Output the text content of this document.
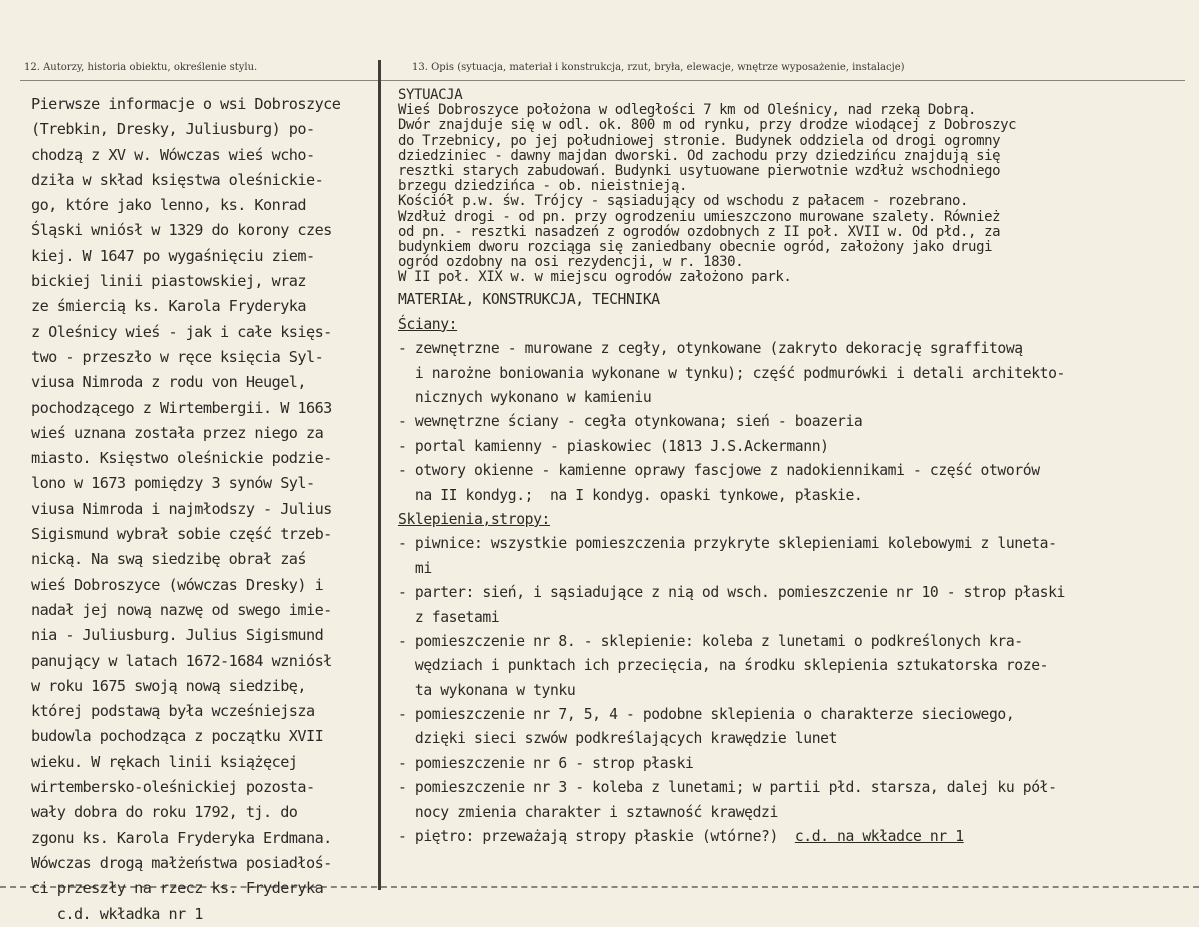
12. Autorzy, historia obiektu, określenie stylu.	13. Opis (sytuacja, materiał i konstrukcja, rzut, bryła, elewacje, wnętrze wyposażenie, instalacje)
Pierwsze informacje o wsi Dobroszyce
(Trebkin, Dresky, Juliusburg) po-
chodzą z XV w. Wówczas wieś wcho-
dziła w skład księstwa oleśnickie-
go, które jako lenno, ks. Konrad
Śląski wniósł w 1329 do korony czes
kiej. W 1647 po wygaśnięciu ziem-
bickiej linii piastowskiej, wraz
ze śmiercią ks. Karola Fryderyka
z Oleśnicy wieś - jak i całe księs-
two - przeszło w ręce księcia Syl-
viusa Nimroda z rodu von Heugel,
pochodzącego z Wirtembergii. W 1663
wieś uznana została przez niego za
miasto. Księstwo oleśnickie podzie-
lono w 1673 pomiędzy 3 synów Syl-
viusa Nimroda i najmłodszy - Julius
Sigismund wybrał sobie część trzeb-
nicką. Na swą siedzibę obrał zaś
wieś Dobroszyce (wówczas Dresky) i
nadał jej nową nazwę od swego imie-
nia - Juliusburg. Julius Sigismund
panujący w latach 1672-1684 wzniósł
w roku 1675 swoją nową siedzibę,
której podstawą była wcześniejsza
budowla pochodząca z początku XVII
wieku. W rękach linii książęcej
wirtembersko-oleśnickiej pozosta-
wały dobra do roku 1792, tj. do
zgonu ks. Karola Fryderyka Erdmana.
Wówczas drogą małżeństwa posiadłoś-
ci przeszły na rzecz ks. Fryderyka
c.d. wkładka nr 1
SYTUACJA
Wieś Dobroszyce położona w odległości 7 km od Oleśnicy, nad rzeką Dobrą.
Dwór znajduje się w odl. ok. 800 m od rynku, przy drodze wiodącej z Dobroszyc
do Trzebnicy, po jej południowej stronie. Budynek oddziela od drogi ogromny
dziedziniec - dawny majdan dworski. Od zachodu przy dziedzińcu znajdują się
resztki starych zabudowań. Budynki usytuowane pierwotnie wzdłuż wschodniego
brzegu dziedzińca - ob. nieistnieją.
Kościół p.w. św. Trójcy - sąsiadujący od wschodu z pałacem - rozebrano.
Wzdłuż drogi - od pn. przy ogrodzeniu umieszczono murowane szalety. Również
od pn. - resztki nasadzeń z ogrodów ozdobnych z II poł. XVII w. Od płd., za
budynkiem dworu rozciąga się zaniedbany obecnie ogród, założony jako drugi
ogród ozdobny na osi rezydencji, w r. 1830.
W II poł. XIX w. w miejscu ogrodów założono park.
MATERIAŁ, KONSTRUKCJA, TECHNIKA
Ściany:
- zewnętrzne - murowane z cegły, otynkowane (zakryto dekorację sgraffitową
i narożne boniowania wykonane w tynku); część podmurówki i detali architekto-
nicznych wykonano w kamieniu
- wewnętrzne ściany - cegła otynkowana; sień - boazeria
- portal kamienny - piaskowiec (1813 J.S.Ackermann)
- otwory okienne - kamienne oprawy fascjowe z nadokiennikami - część otworów
na II kondyg.;  na I kondyg. opaski tynkowe, płaskie.
Sklepienia,stropy:
- piwnice: wszystkie pomieszczenia przykryte sklepieniami kolebowymi z luneta-
mi
- parter: sień, i sąsiadujące z nią od wsch. pomieszczenie nr 10 - strop płaski
z fasetami
- pomieszczenie nr 8. - sklepienie: koleba z lunetami o podkreślonych kra-
wędziach i punktach ich przecięcia, na środku sklepienia sztukatorska roze-
ta wykonana w tynku
- pomieszczenie nr 7, 5, 4 - podobne sklepienia o charakterze sieciowego,
dzięki sieci szwów podkreślających krawędzie lunet
- pomieszczenie nr 6 - strop płaski
- pomieszczenie nr 3 - koleba z lunetami; w partii płd. starsza, dalej ku pół-
nocy zmienia charakter i sztawność krawędzi
- piętro: przeważają stropy płaskie (wtórne?) c.d. na wkładce nr 1
